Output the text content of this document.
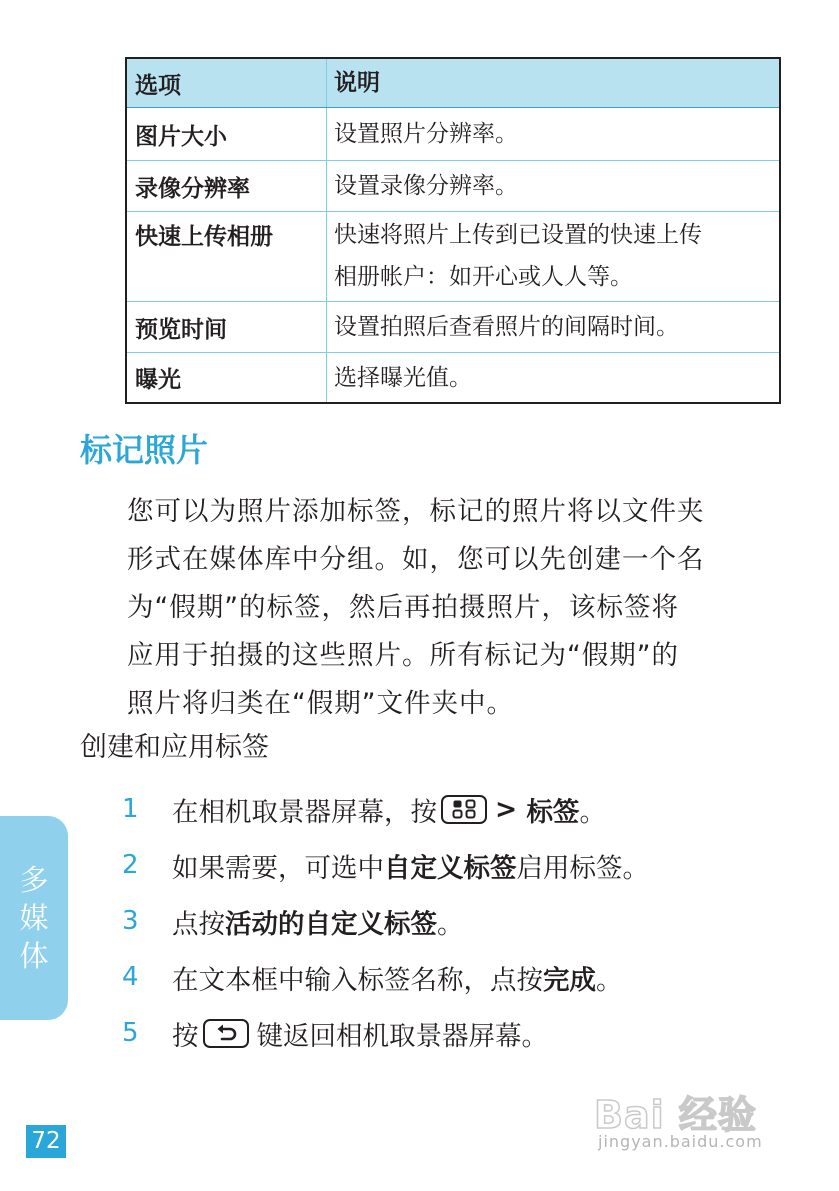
选项	说明
图片大小	设置照片分辨率。
录像分辨率	设置录像分辨率。
快速上传相册	快速将照片上传到已设置的快速上传
相册帐户：如开心或人人等。
预览时间	设置拍照后查看照片的间隔时间。
曝光	选择曝光值。
标记照片

您可以为照片添加标签，标记的照片将以文件夹
形式在媒体库中分组。如，您可以先创建一个名
为“假期”的标签，然后再拍摄照片，该标签将
应用于拍摄的这些照片。所有标记为“假期”的
照片将归类在“假期”文件夹中。

创建和应用标签
1	在相机取景器屏幕，按 > 标签 。
2	如果需要，可选中 自定义标签 启用标签。
3	点按 活动的自定义标签 。
4	在文本框中输入标签名称，点按 完成 。
5	按 键返回相机取景器屏幕。
多
媒
体
72
Bai 经验
jingyan.baidu.com
